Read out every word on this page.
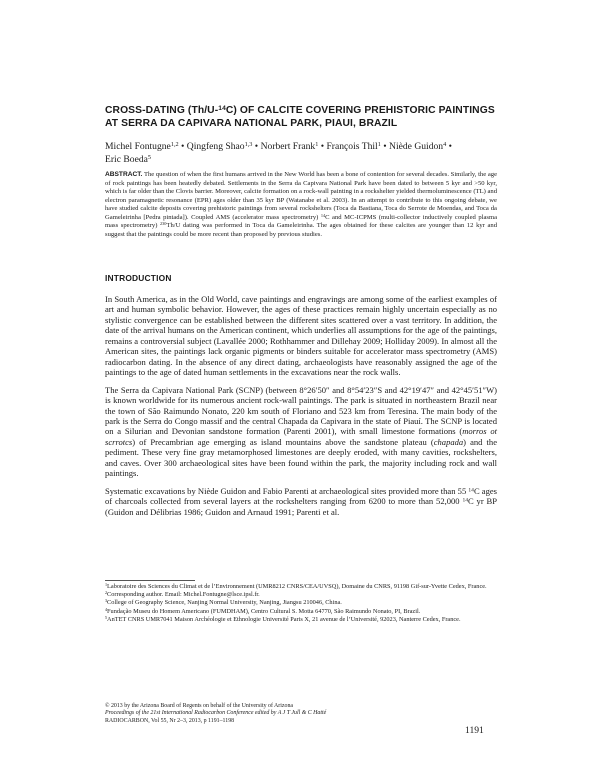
CROSS-DATING (Th/U-$^{14}$C) OF CALCITE COVERING PREHISTORIC PAINTINGS
AT SERRA DA CAPIVARA NATIONAL PARK, PIAUI, BRAZIL
Michel Fontugne$^{1,2}$ • Qingfeng Shao$^{1,3}$ • Norbert Frank$^1$ • François Thil$^1$ • Niède Guidon$^4$ •
Eric Boeda$^5$
ABSTRACT. The question of when the first humans arrived in the New World has been a bone of contention for several decades. Similarly, the age of rock paintings has been heatedly debated. Settlements in the Serra da Capivara National Park have been dated to between 5 kyr and >50 kyr, which is far older than the Clovis barrier. Moreover, calcite formation on a rock-wall painting in a rockshelter yielded thermoluminescence (TL) and electron paramagnetic resonance (EPR) ages older than 35 kyr BP (Watanabe et al. 2003). In an attempt to contribute to this ongoing debate, we have studied calcite deposits covering prehistoric paintings from several rockshelters (Toca da Bastiana, Toca do Serrote de Moendas, and Toca da Gameleirinha [Pedra pintada]). Coupled AMS (accelerator mass spectrometry) $^{14}$C and MC-ICPMS (multi-collector inductively coupled plasma mass spectrometry) $^{230}$Th/U dating was performed in Toca da Gameleirinha. The ages obtained for these calcites are younger than 12 kyr and suggest that the paintings could be more recent than proposed by previous studies.
INTRODUCTION

In South America, as in the Old World, cave paintings and engravings are among some of the earliest examples of art and human symbolic behavior. However, the ages of these practices remain highly uncertain especially as no stylistic convergence can be established between the different sites scattered over a vast territory. In addition, the date of the arrival humans on the American continent, which underlies all assumptions for the age of the paintings, remains a controversial subject (Lavallée 2000; Rothhammer and Dillehay 2009; Holliday 2009). In almost all the American sites, the paintings lack organic pigments or binders suitable for accelerator mass spectrometry (AMS) radiocarbon dating. In the absence of any direct dating, archaeologists have reasonably assigned the age of the paintings to the age of dated human settlements in the excavations near the rock walls.

The Serra da Capivara National Park (SCNP) (between 8°26′50″ and 8°54′23″S and 42°19′47″ and 42°45′51″W) is known worldwide for its numerous ancient rock-wall paintings. The park is situated in northeastern Brazil near the town of São Raimundo Nonato, 220 km south of Floriano and 523 km from Teresina. The main body of the park is the Serra do Congo massif and the central Chapada da Capivara in the state of Piauí. The SCNP is located on a Silurian and Devonian sandstone formation (Parenti 2001), with small limestone formations (morros ot scrrotcs) of Precambrian age emerging as island mountains above the sandstone plateau (chapada) and the pediment. These very fine gray metamorphosed limestones are deeply eroded, with many cavities, rockshelters, and caves. Over 300 archaeological sites have been found within the park, the majority including rock and wall paintings.

Systematic excavations by Niède Guidon and Fabio Parenti at archaeological sites provided more than 55 $^{14}$C ages of charcoals collected from several layers at the rockshelters ranging from 6200 to more than 52,000 $^{14}$C yr BP (Guidon and Délibrias 1986; Guidon and Arnaud 1991; Parenti et al.

$^1$Laboratoire des Sciences du Climat et de l’Environnement (UMR8212 CNRS/CEA/UVSQ), Domaine du CNRS, 91198 Gif-sur-Yvette Cedex, France.
$^2$Corresponding author. Email: Michel.Fontugne@lsce.ipsl.fr.
$^3$College of Geography Science, Nanjing Normal University, Nanjing, Jiangsu 210046, China.
$^4$Fundação Museu do Homem Americano (FUMDHAM), Centro Cultural S. Motta 64770, São Raimundo Nonato, PI, Brazil.
$^5$AnTET CNRS UMR7041 Maison Archéologie et Ethnologie Université Paris X, 21 avenue de l’Université, 92023, Nanterre Cedex, France.
© 2013 by the Arizona Board of Regents on behalf of the University of Arizona
Proceedings of the 21st International Radiocarbon Conference edited by A J T Jull & C Hatté
RADIOCARBON, Vol 55, Nr 2–3, 2013, p 1191–1198
1191
